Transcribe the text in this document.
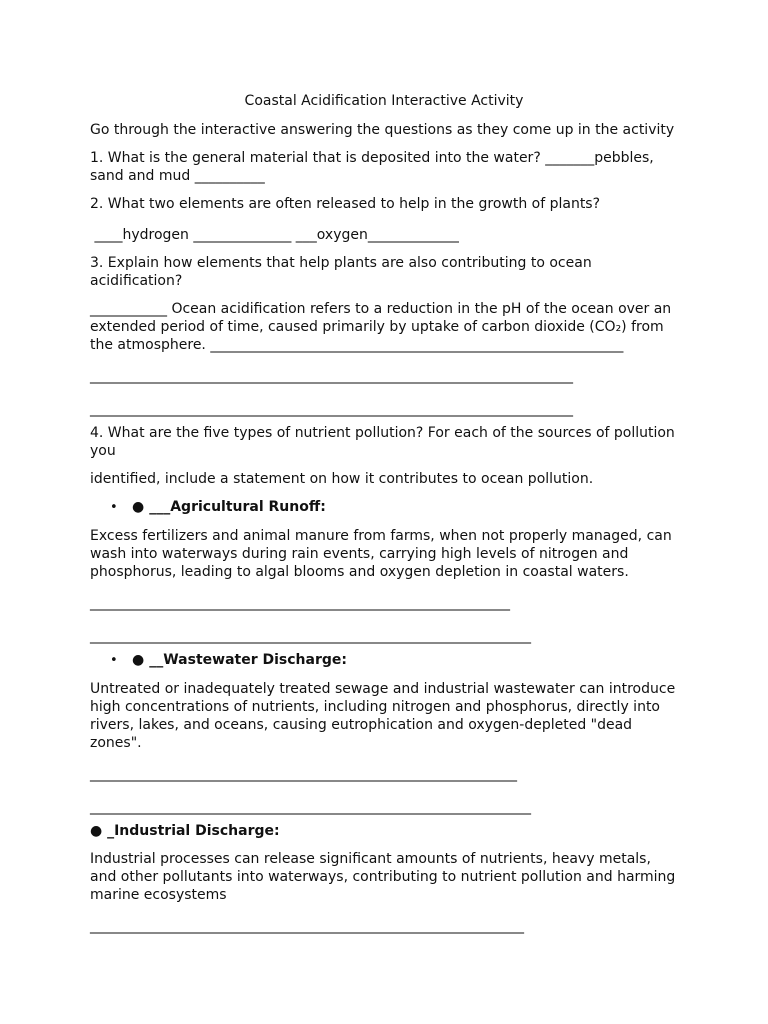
Coastal Acidification Interactive Activity

Go through the interactive answering the questions as they come up in the activity

1. What is the general material that is deposited into the water? _______pebbles, sand and mud __________

2. What two elements are often released to help in the growth of plants?

____hydrogen ______________ ___oxygen_____________

3. Explain how elements that help plants are also contributing to ocean acidification?

___________ Ocean acidification refers to a reduction in the pH of the ocean over an extended period of time, caused primarily by uptake of carbon dioxide (CO₂) from the atmosphere. ___________________________________________________________

_____________________________________________________________________

_____________________________________________________________________

4. What are the five types of nutrient pollution? For each of the sources of pollution you

identified, include a statement on how it contributes to ocean pollution.

•	● ___Agricultural Runoff:

Excess fertilizers and animal manure from farms, when not properly managed, can wash into waterways during rain events, carrying high levels of nitrogen and phosphorus, leading to algal blooms and oxygen depletion in coastal waters.

____________________________________________________________

_______________________________________________________________

•	● __Wastewater Discharge:

Untreated or inadequately treated sewage and industrial wastewater can introduce high concentrations of nutrients, including nitrogen and phosphorus, directly into rivers, lakes, and oceans, causing eutrophication and oxygen-depleted "dead zones".

_____________________________________________________________

_______________________________________________________________

● _Industrial Discharge:

Industrial processes can release significant amounts of nutrients, heavy metals, and other pollutants into waterways, contributing to nutrient pollution and harming marine ecosystems

______________________________________________________________
